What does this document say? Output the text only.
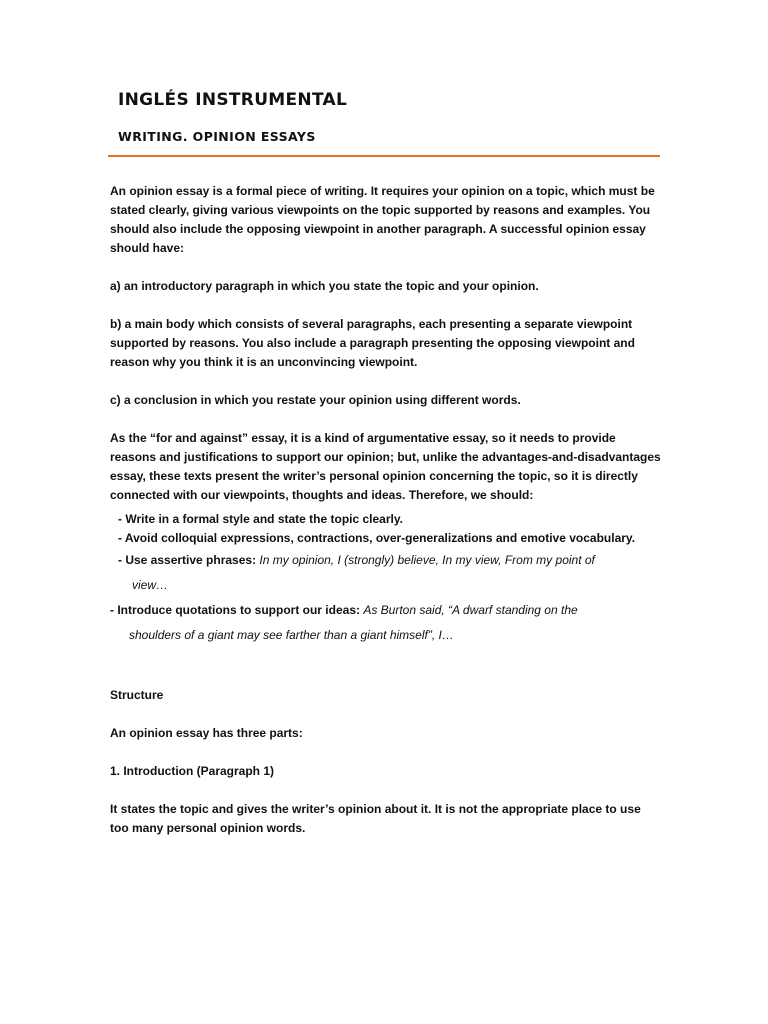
INGLÉS INSTRUMENTAL
WRITING. OPINION ESSAYS

An opinion essay is a formal piece of writing. It requires your opinion on a topic, which must be stated clearly, giving various viewpoints on the topic supported by reasons and examples. You should also include the opposing viewpoint in another paragraph. A successful opinion essay should have:

a) an introductory paragraph in which you state the topic and your opinion.

b) a main body which consists of several paragraphs, each presenting a separate viewpoint supported by reasons. You also include a paragraph presenting the opposing viewpoint and reason why you think it is an unconvincing viewpoint.

c) a conclusion in which you restate your opinion using different words.

As the “for and against” essay, it is a kind of argumentative essay, so it needs to provide reasons and justifications to support our opinion; but, unlike the advantages-and-disadvantages essay, these texts present the writer’s personal opinion concerning the topic, so it is directly connected with our viewpoints, thoughts and ideas. Therefore, we should:

- Write in a formal style and state the topic clearly.

- Avoid colloquial expressions, contractions, over-generalizations and emotive vocabulary.

- Use assertive phrases: In my opinion, I (strongly) believe, In my view, From my point of

view…

- Introduce quotations to support our ideas: As Burton said, “A dwarf standing on the

shoulders of a giant may see farther than a giant himself”, I…

Structure

An opinion essay has three parts:

1. Introduction (Paragraph 1)

It states the topic and gives the writer’s opinion about it. It is not the appropriate place to use too many personal opinion words.
